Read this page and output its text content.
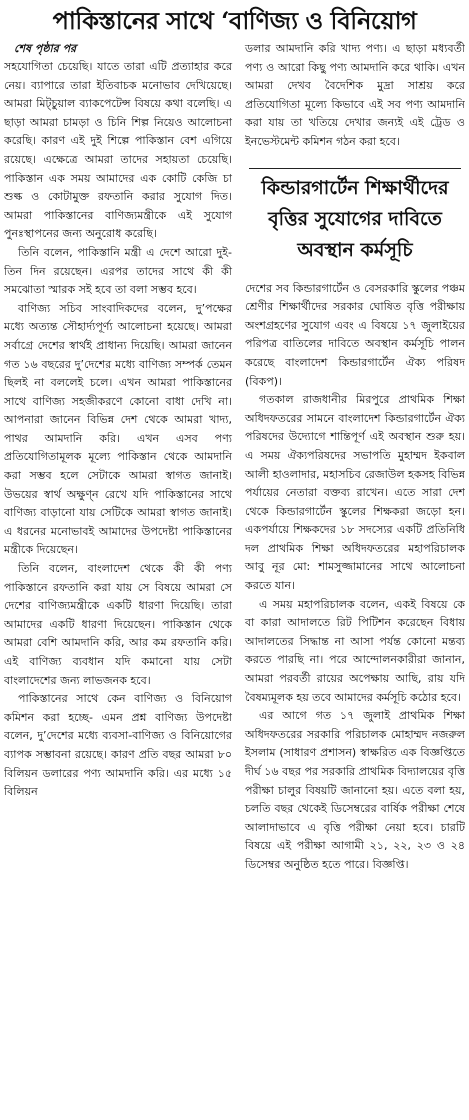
পাকিস্তানের সাথে ‘বাণিজ্য ও বিনিয়োগ
শেষ পৃষ্ঠার পর

সহযোগিতা চেয়েছি। যাতে তারা এটি প্রত্যাহার করে নেয়। ব্যাপারে তারা ইতিবাচক মনোভাব দেখিয়েছে। আমরা মিট্চুয়াল ব্যাকপেটেন্স বিষয়ে কথা বলেছি। এ ছাড়া আমরা চামড়া ও চিনি শিল্প নিয়েও আলোচনা করেছি। কারণ এই দুই শিল্পে পাকিস্তান বেশ এগিয়ে রয়েছে। এক্ষেত্রে আমরা তাদের সহায়তা চেয়েছি। পাকিস্তান এক সময় আমাদের এক কোটি কেজি চা শুল্ক ও কোটামুক্ত রফতানি করার সুযোগ দিত। আমরা পাকিস্তানের বাণিজ্যমন্ত্রীকে এই সুযোগ পুনঃস্থাপনের জন্য অনুরোধ করেছি।

তিনি বলেন, পাকিস্তানি মন্ত্রী এ দেশে আরো দুই-তিন দিন রয়েছেন। এরপর তাদের সাথে কী কী সমঝোতা স্মারক সই হবে তা বলা সম্ভব হবে।

বাণিজ্য সচিব সাংবাদিকদের বলেন, দু’পক্ষের মধ্যে অত্যন্ত সৌহার্দ্যপূর্ণ্য আলোচনা হয়েছে। আমরা সর্বাগ্রে দেশের স্বার্থই প্রাধান্য দিয়েছি। আমরা জানেন গত ১৬ বছরের দু’দেশের মধ্যে বাণিজ্য সম্পর্ক তেমন ছিলই না বললেই চলে। এখন আমরা পাকিস্তানের সাথে বাণিজ্য সহজীকরণে কোনো বাধা দেখি না। আপনারা জানেন বিভিন্ন দেশ থেকে আমরা খাদ্য, পাথর আমদানি করি। এখন এসব পণ্য প্রতিযোগিতামূলক মূল্যে পাকিস্তান থেকে আমদানি করা সম্ভব হলে সেটাকে আমরা স্বাগত জানাই। উভয়ের স্বার্থ অক্ষুণ্ন রেখে যদি পাকিস্তানের সাথে বাণিজ্য বাড়ানো যায় সেটিকে আমরা স্বাগত জানাই। এ ধরনের মনোভাবই আমাদের উপদেষ্টা পাকিস্তানের মন্ত্রীকে দিয়েছেন।

তিনি বলেন, বাংলাদেশ থেকে কী কী পণ্য পাকিস্তানে রফতানি করা যায় সে বিষয়ে আমরা সে দেশের বাণিজ্যমন্ত্রীকে একটি ধারণা দিয়েছি। তারা আমাদের একটি ধারণা দিয়েছেন। পাকিস্তান থেকে আমরা বেশি আমদানি করি, আর কম রফতানি করি। এই বাণিজ্য ব্যবধান যদি কমানো যায় সেটা বাংলাদেশের জন্য লাভজনক হবে।

পাকিস্তানের সাথে কেন বাণিজ্য ও বিনিয়োগ কমিশন করা হচ্ছে- এমন প্রশ্ন বাণিজ্য উপদেষ্টা বলেন, দু’দেশের মধ্যে ব্যবসা-বাণিজ্য ও বিনিয়োগের ব্যাপক সম্ভাবনা রয়েছে। কারণ প্রতি বছর আমরা ৮০ বিলিয়ন ডলারের পণ্য আমদানি করি। এর মধ্যে ১৫ বিলিয়ন

ডলার আমদানি করি খাদ্য পণ্য। এ ছাড়া মধ্যবর্তী পণ্য ও আরো কিছু পণ্য আমদানি করে থাকি। এখন আমরা দেখব বৈদেশিক মুদ্রা সাশ্রয় করে প্রতিযোগিতা মূল্যে কিভাবে এই সব পণ্য আমদানি করা যায় তা খতিয়ে দেখার জন্যই এই ট্রেড ও ইনভেস্টমেন্ট কমিশন গঠন করা হবে।

কিন্ডারগার্টেন শিক্ষার্থীদের বৃত্তির সুযোগের দাবিতে অবস্থান কর্মসূচি

দেশের সব কিন্ডারগার্টেন ও বেসরকারি স্কুলের পঞ্চম শ্রেণীর শিক্ষার্থীদের সরকার ঘোষিত বৃত্তি পরীক্ষায় অংশগ্রহণের সুযোগ এবং এ বিষয়ে ১৭ জুলাইয়ের পরিপত্র বাতিলের দাবিতে অবস্থান কর্মসূচি পালন করেছে বাংলাদেশ কিন্ডারগার্টেন ঐক্য পরিষদ (বিকপ)।

গতকাল রাজধানীর মিরপুরে প্রাথমিক শিক্ষা অধিদফতরের সামনে বাংলাদেশ কিন্ডারগার্টেন ঐক্য পরিষদের উদ্যোগে শান্তিপূর্ণ এই অবস্থান শুরু হয়। এ সময় ঐক্যপরিষদের সভাপতি মুহাম্মদ ইকবাল আলী হাওলাদার, মহাসচিব রেজাউল হকসহ বিভিন্ন পর্যায়ের নেতারা বক্তব্য রাখেন। এতে সারা দেশ থেকে কিন্ডারগার্টেন স্কুলের শিক্ষকরা জড়ো হন। একপর্যায়ে শিক্ষকদের ১৮ সদস্যের একটি প্রতিনিধি দল প্রাথমিক শিক্ষা অধিদফতরের মহাপরিচালক আবু নূর মো: শামসুজ্জামানের সাথে আলোচনা করতে যান।

এ সময় মহাপরিচালক বলেন, একই বিষয়ে কে বা কারা আদালতে রিট পিটিশন করেছেন বিধায় আদালতের সিদ্ধান্ত না আসা পর্যন্ত কোনো মন্তব্য করতে পারছি না। পরে আন্দোলনকারীরা জানান, আমরা পরবর্তী রায়ের অপেক্ষায় আছি, রায় যদি বৈষম্যমূলক হয় তবে আমাদের কর্মসূচি কঠোর হবে।

এর আগে গত ১৭ জুলাই প্রাথমিক শিক্ষা অধিদফতরের সরকারি পরিচালক মোহাম্মদ নজরুল ইসলাম (সাধারণ প্রশাসন) স্বাক্ষরিত এক বিজ্ঞপ্তিতে দীর্ঘ ১৬ বছর পর সরকারি প্রাথমিক বিদ্যালয়ের বৃত্তি পরীক্ষা চালুর বিষয়টি জানানো হয়। এতে বলা হয়, চলতি বছর থেকেই ডিসেম্বরের বার্ষিক পরীক্ষা শেষে আলাদাভাবে এ বৃত্তি পরীক্ষা নেয়া হবে। চারটি বিষয়ে এই পরীক্ষা আগামী ২১, ২২, ২৩ ও ২৪ ডিসেম্বর অনুষ্ঠিত হতে পারে। বিজ্ঞপ্তি।
